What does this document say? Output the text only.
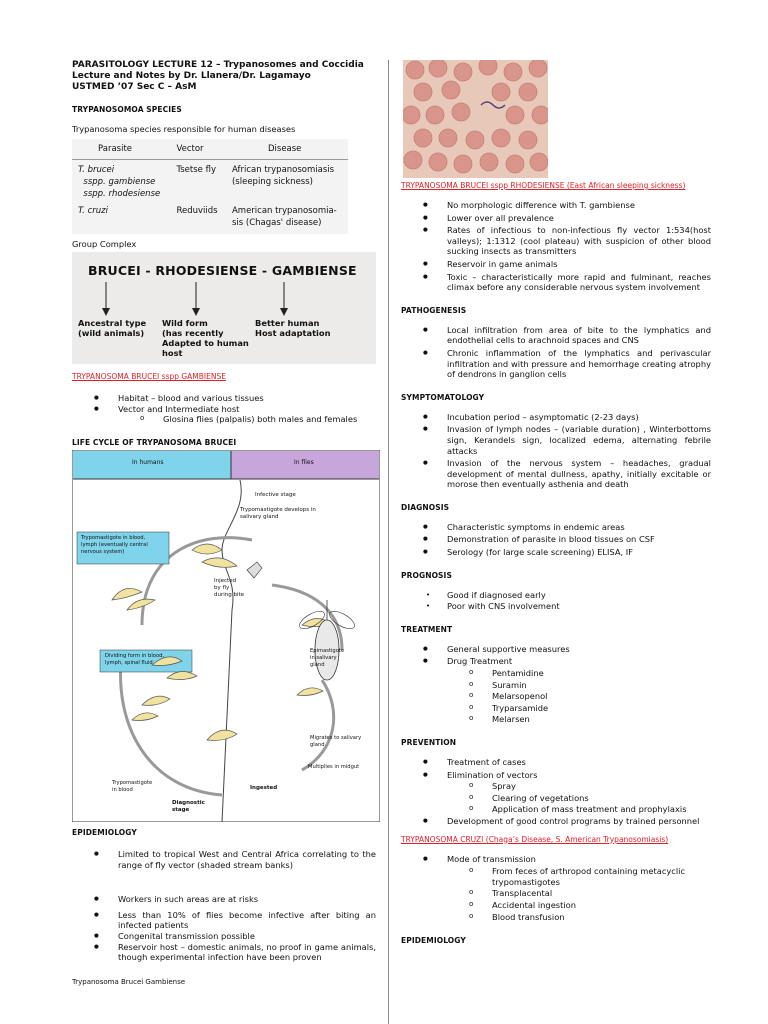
PARASITOLOGY LECTURE 12 – Trypanosomes and Coccidia
Lecture and Notes by Dr. Llanera/Dr. Lagamayo
USTMED ’07 Sec C – AsM
TRYPANOSOMOA SPECIES
Trypanosoma species responsible for human diseases
Parasite	Vector	Disease
T. brucei	Tsetse fly	African trypanosomiasis
sspp. gambiense		(sleeping sickness)
sspp. rhodesiense		
T. cruzi	Reduviids	American trypanosomia-
		sis (Chagas' disease)
Group Complex
BRUCEI - RHODESIENSE - GAMBIENSE
Ancestral type
(wild animals)
Wild form
(has recently
Adapted to human
host
Better human
Host adaptation
TRYPANOSOMA BRUCEI sspp GAMBIENSE
● Habitat – blood and various tissues
● Vector and Intermediate host
o Glosina flies (palpalis) both males and females
LIFE CYCLE OF TRYPANOSOMA BRUCEI
In humans	In flies
Infective stage
Trypomastigote develops in
salivary gland
Trypomastigote in blood,
lymph (eventually central
nervous system)
Injected
by fly
during bite
Dividing form in blood,
lymph, spinal fluid
Epimastigote
in salivary
gland
Migrates to salivary
gland
Multiplies in midgut
Trypomastigote
in blood	Ingested
Diagnostic
stage
EPIDEMIOLOGY
● Limited to tropical West and Central Africa correlating to the range of fly vector (shaded stream banks)
● Workers in such areas are at risks
● Less than 10% of flies become infective after biting an infected patients
● Congenital transmission possible
● Reservoir host – domestic animals, no proof in game animals, though experimental infection have been proven
Trypanosoma Brucei Gambiense
TRYPANOSOMA BRUCEI sspp RHODESIENSE (East African sleeping sickness)
● No morphologic difference with T. gambiense
● Lower over all prevalence
● Rates of infectious to non-infectious fly vector 1:534(host valleys); 1:1312 (cool plateau) with suspicion of other blood sucking insects as transmitters
● Reservoir in game animals
● Toxic – characteristically more rapid and fulminant, reaches climax before any considerable nervous system involvement
PATHOGENESIS
● Local infiltration from area of bite to the lymphatics and endothelial cells to arachnoid spaces and CNS
● Chronic inflammation of the lymphatics and perivascular infiltration and with pressure and hemorrhage creating atrophy of dendrons in ganglion cells
SYMPTOMATOLOGY
● Incubation period – asymptomatic (2-23 days)
● Invasion of lymph nodes – (variable duration) , Winterbottoms sign, Kerandels sign, localized edema, alternating febrile attacks
● Invasion of the nervous system – headaches, gradual development of mental dullness, apathy, initially excitable or morose then eventually asthenia and death
DIAGNOSIS
● Characteristic symptoms in endemic areas
● Demonstration of parasite in blood tissues on CSF
● Serology (for large scale screening) ELISA, IF
PROGNOSIS
• Good if diagnosed early
• Poor with CNS involvement
TREATMENT
● General supportive measures
● Drug Treatment
o Pentamidine
o Suramin
o Melarsopenol
o Tryparsamide
o Melarsen
PREVENTION
● Treatment of cases
● Elimination of vectors
o Spray
o Clearing of vegetations
o Application of mass treatment and prophylaxis
● Development of good control programs by trained personnel
TRYPANOSOMA CRUZI (Chaga’s Disease, S. American Trypanosomiasis)
● Mode of transmission
o From feces of arthropod containing metacyclic trypomastigotes
o Transplacental
o Accidental ingestion
o Blood transfusion
EPIDEMIOLOGY
